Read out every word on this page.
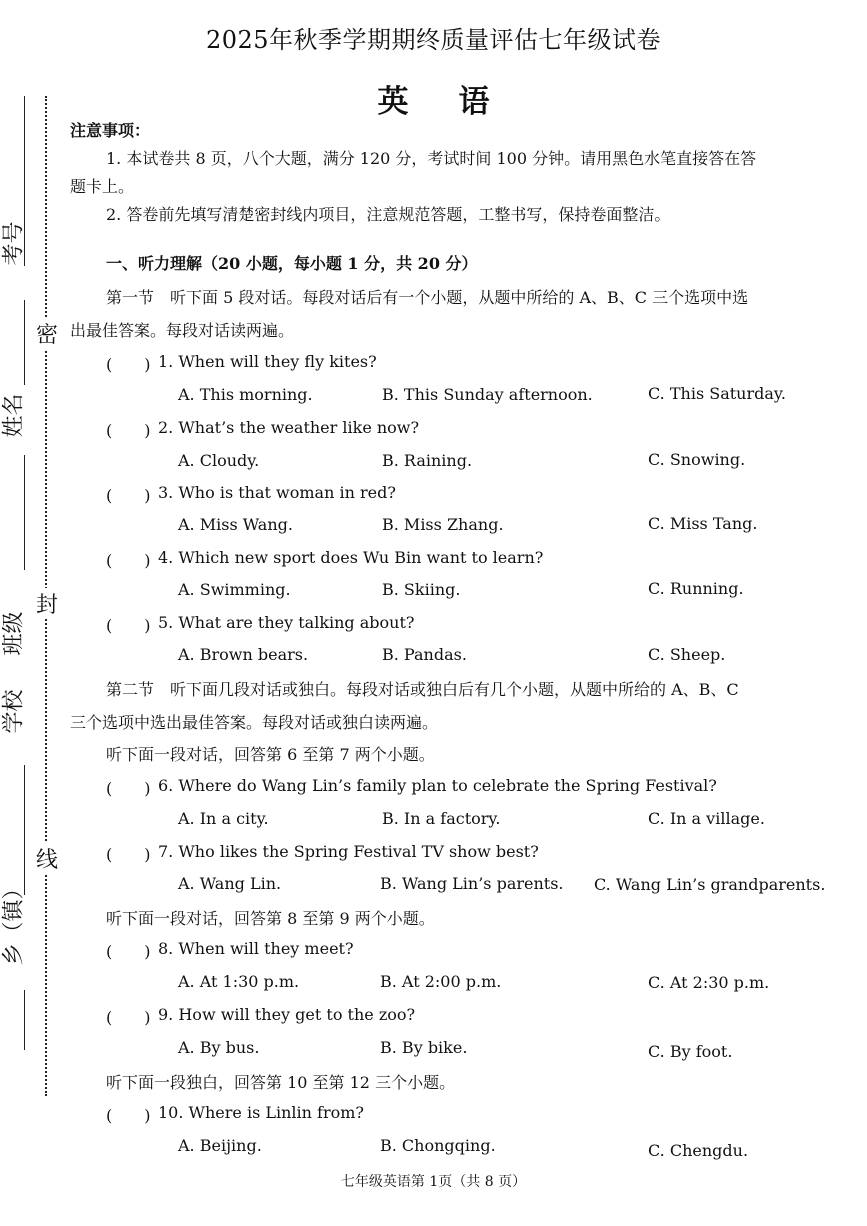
2025年秋季学期期终质量评估七年级试卷
英语
考号
姓名
班级
学校
乡（镇）
密
封
线
注意事项：
1. 本试卷共 8 页，八个大题，满分 120 分，考试时间 100 分钟。请用黑色水笔直接答在答
题卡上。
2. 答卷前先填写清楚密封线内项目，注意规范答题，工整书写，保持卷面整洁。
一、听力理解（20 小题，每小题 1 分，共 20 分）
第一节　听下面 5 段对话。每段对话后有一个小题，从题中所给的 A、B、C 三个选项中选
出最佳答案。每段对话读两遍。
(　　) 1. When will they fly kites?
A. This morning.	B. This Sunday afternoon.	C. This Saturday.
(　　) 2. What’s the weather like now?
A. Cloudy.	B. Raining.	C. Snowing.
(　　) 3. Who is that woman in red?
A. Miss Wang.	B. Miss Zhang.	C. Miss Tang.
(　　) 4. Which new sport does Wu Bin want to learn?
A. Swimming.	B. Skiing.	C. Running.
(　　) 5. What are they talking about?
A. Brown bears.	B. Pandas.	C. Sheep.
第二节　听下面几段对话或独白。每段对话或独白后有几个小题，从题中所给的 A、B、C
三个选项中选出最佳答案。每段对话或独白读两遍。
听下面一段对话，回答第 6 至第 7 两个小题。
(　　) 6. Where do Wang Lin’s family plan to celebrate the Spring Festival?
A. In a city.	B. In a factory.	C. In a village.
(　　) 7. Who likes the Spring Festival TV show best?
A. Wang Lin.	B. Wang Lin’s parents. C. Wang Lin’s grandparents.
听下面一段对话，回答第 8 至第 9 两个小题。
(　　) 8. When will they meet?
A. At 1:30 p.m.	B. At 2:00 p.m.	C. At 2:30 p.m.
(　　) 9. How will they get to the zoo?
A. By bus.	B. By bike.	C. By foot.
听下面一段独白，回答第 10 至第 12 三个小题。
(　　) 10. Where is Linlin from?
A. Beijing.	B. Chongqing.	C. Chengdu.
七年级英语第 1页（共 8 页）
